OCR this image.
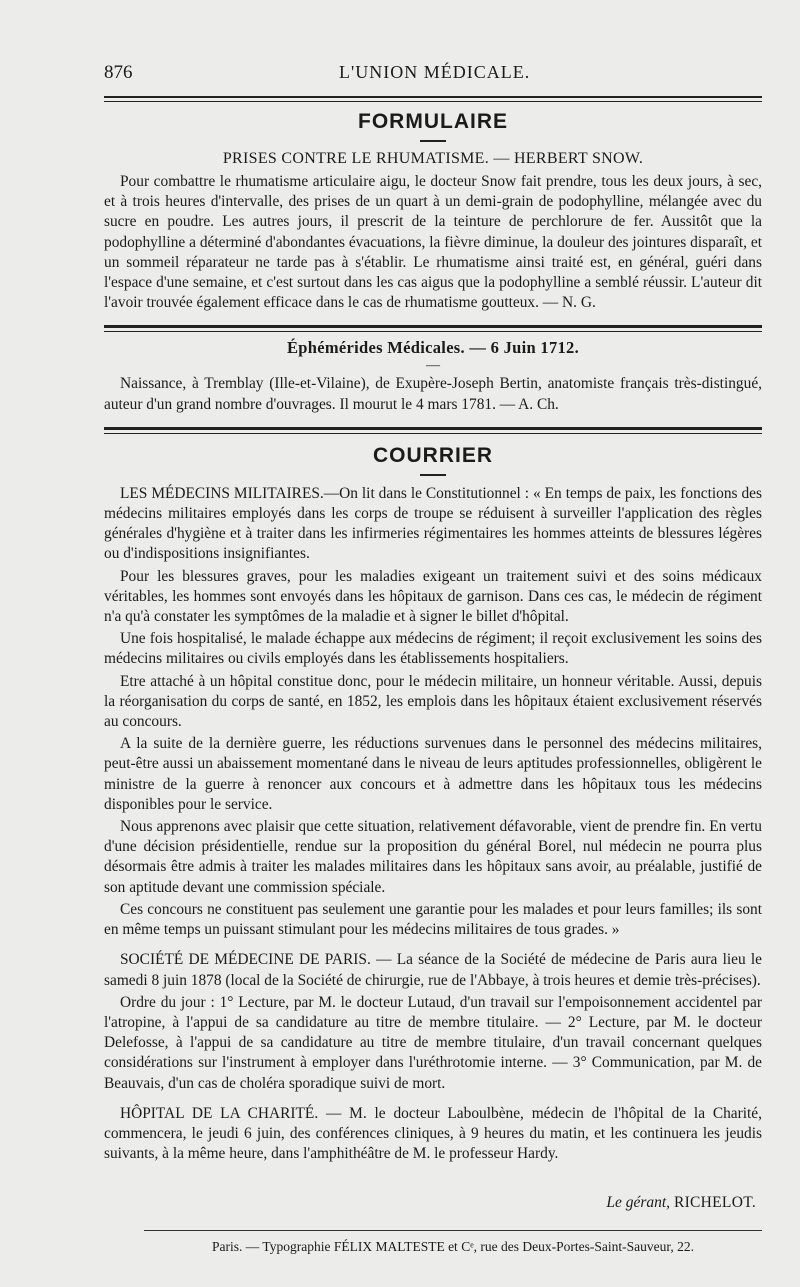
876	L'UNION MÉDICALE.
FORMULAIRE
PRISES CONTRE LE RHUMATISME. — HERBERT SNOW.

Pour combattre le rhumatisme articulaire aigu, le docteur Snow fait prendre, tous les deux jours, à sec, et à trois heures d'intervalle, des prises de un quart à un demi-grain de podophylline, mélangée avec du sucre en poudre. Les autres jours, il prescrit de la teinture de perchlorure de fer. Aussitôt que la podophylline a déterminé d'abondantes évacuations, la fièvre diminue, la douleur des jointures disparaît, et un sommeil réparateur ne tarde pas à s'établir. Le rhumatisme ainsi traité est, en général, guéri dans l'espace d'une semaine, et c'est surtout dans les cas aigus que la podophylline a semblé réussir. L'auteur dit l'avoir trouvée également efficace dans le cas de rhumatisme goutteux. — N. G.

Éphémérides Médicales. — 6 Juin 1712.
—

Naissance, à Tremblay (Ille-et-Vilaine), de Exupère-Joseph Bertin, anatomiste français très-distingué, auteur d'un grand nombre d'ouvrages. Il mourut le 4 mars 1781. — A. Ch.

COURRIER

LES MÉDECINS MILITAIRES.—On lit dans le Constitutionnel : « En temps de paix, les fonctions des médecins militaires employés dans les corps de troupe se réduisent à surveiller l'application des règles générales d'hygiène et à traiter dans les infirmeries régimentaires les hommes atteints de blessures légères ou d'indispositions insignifiantes.

Pour les blessures graves, pour les maladies exigeant un traitement suivi et des soins médicaux véritables, les hommes sont envoyés dans les hôpitaux de garnison. Dans ces cas, le médecin de régiment n'a qu'à constater les symptômes de la maladie et à signer le billet d'hôpital.

Une fois hospitalisé, le malade échappe aux médecins de régiment; il reçoit exclusivement les soins des médecins militaires ou civils employés dans les établissements hospitaliers.

Etre attaché à un hôpital constitue donc, pour le médecin militaire, un honneur véritable. Aussi, depuis la réorganisation du corps de santé, en 1852, les emplois dans les hôpitaux étaient exclusivement réservés au concours.

A la suite de la dernière guerre, les réductions survenues dans le personnel des médecins militaires, peut-être aussi un abaissement momentané dans le niveau de leurs aptitudes professionnelles, obligèrent le ministre de la guerre à renoncer aux concours et à admettre dans les hôpitaux tous les médecins disponibles pour le service.

Nous apprenons avec plaisir que cette situation, relativement défavorable, vient de prendre fin. En vertu d'une décision présidentielle, rendue sur la proposition du général Borel, nul médecin ne pourra plus désormais être admis à traiter les malades militaires dans les hôpitaux sans avoir, au préalable, justifié de son aptitude devant une commission spéciale.

Ces concours ne constituent pas seulement une garantie pour les malades et pour leurs familles; ils sont en même temps un puissant stimulant pour les médecins militaires de tous grades. »

SOCIÉTÉ DE MÉDECINE DE PARIS. — La séance de la Société de médecine de Paris aura lieu le samedi 8 juin 1878 (local de la Société de chirurgie, rue de l'Abbaye, à trois heures et demie très-précises).

Ordre du jour : 1° Lecture, par M. le docteur Lutaud, d'un travail sur l'empoisonnement accidentel par l'atropine, à l'appui de sa candidature au titre de membre titulaire. — 2° Lecture, par M. le docteur Delefosse, à l'appui de sa candidature au titre de membre titulaire, d'un travail concernant quelques considérations sur l'instrument à employer dans l'uréthrotomie interne. — 3° Communication, par M. de Beauvais, d'un cas de choléra sporadique suivi de mort.

HÔPITAL DE LA CHARITÉ. — M. le docteur Laboulbène, médecin de l'hôpital de la Charité, commencera, le jeudi 6 juin, des conférences cliniques, à 9 heures du matin, et les continuera les jeudis suivants, à la même heure, dans l'amphithéâtre de M. le professeur Hardy.

Le gérant, RICHELOT.
Paris. — Typographie FÉLIX MALTESTE et Cᵉ, rue des Deux-Portes-Saint-Sauveur, 22.
